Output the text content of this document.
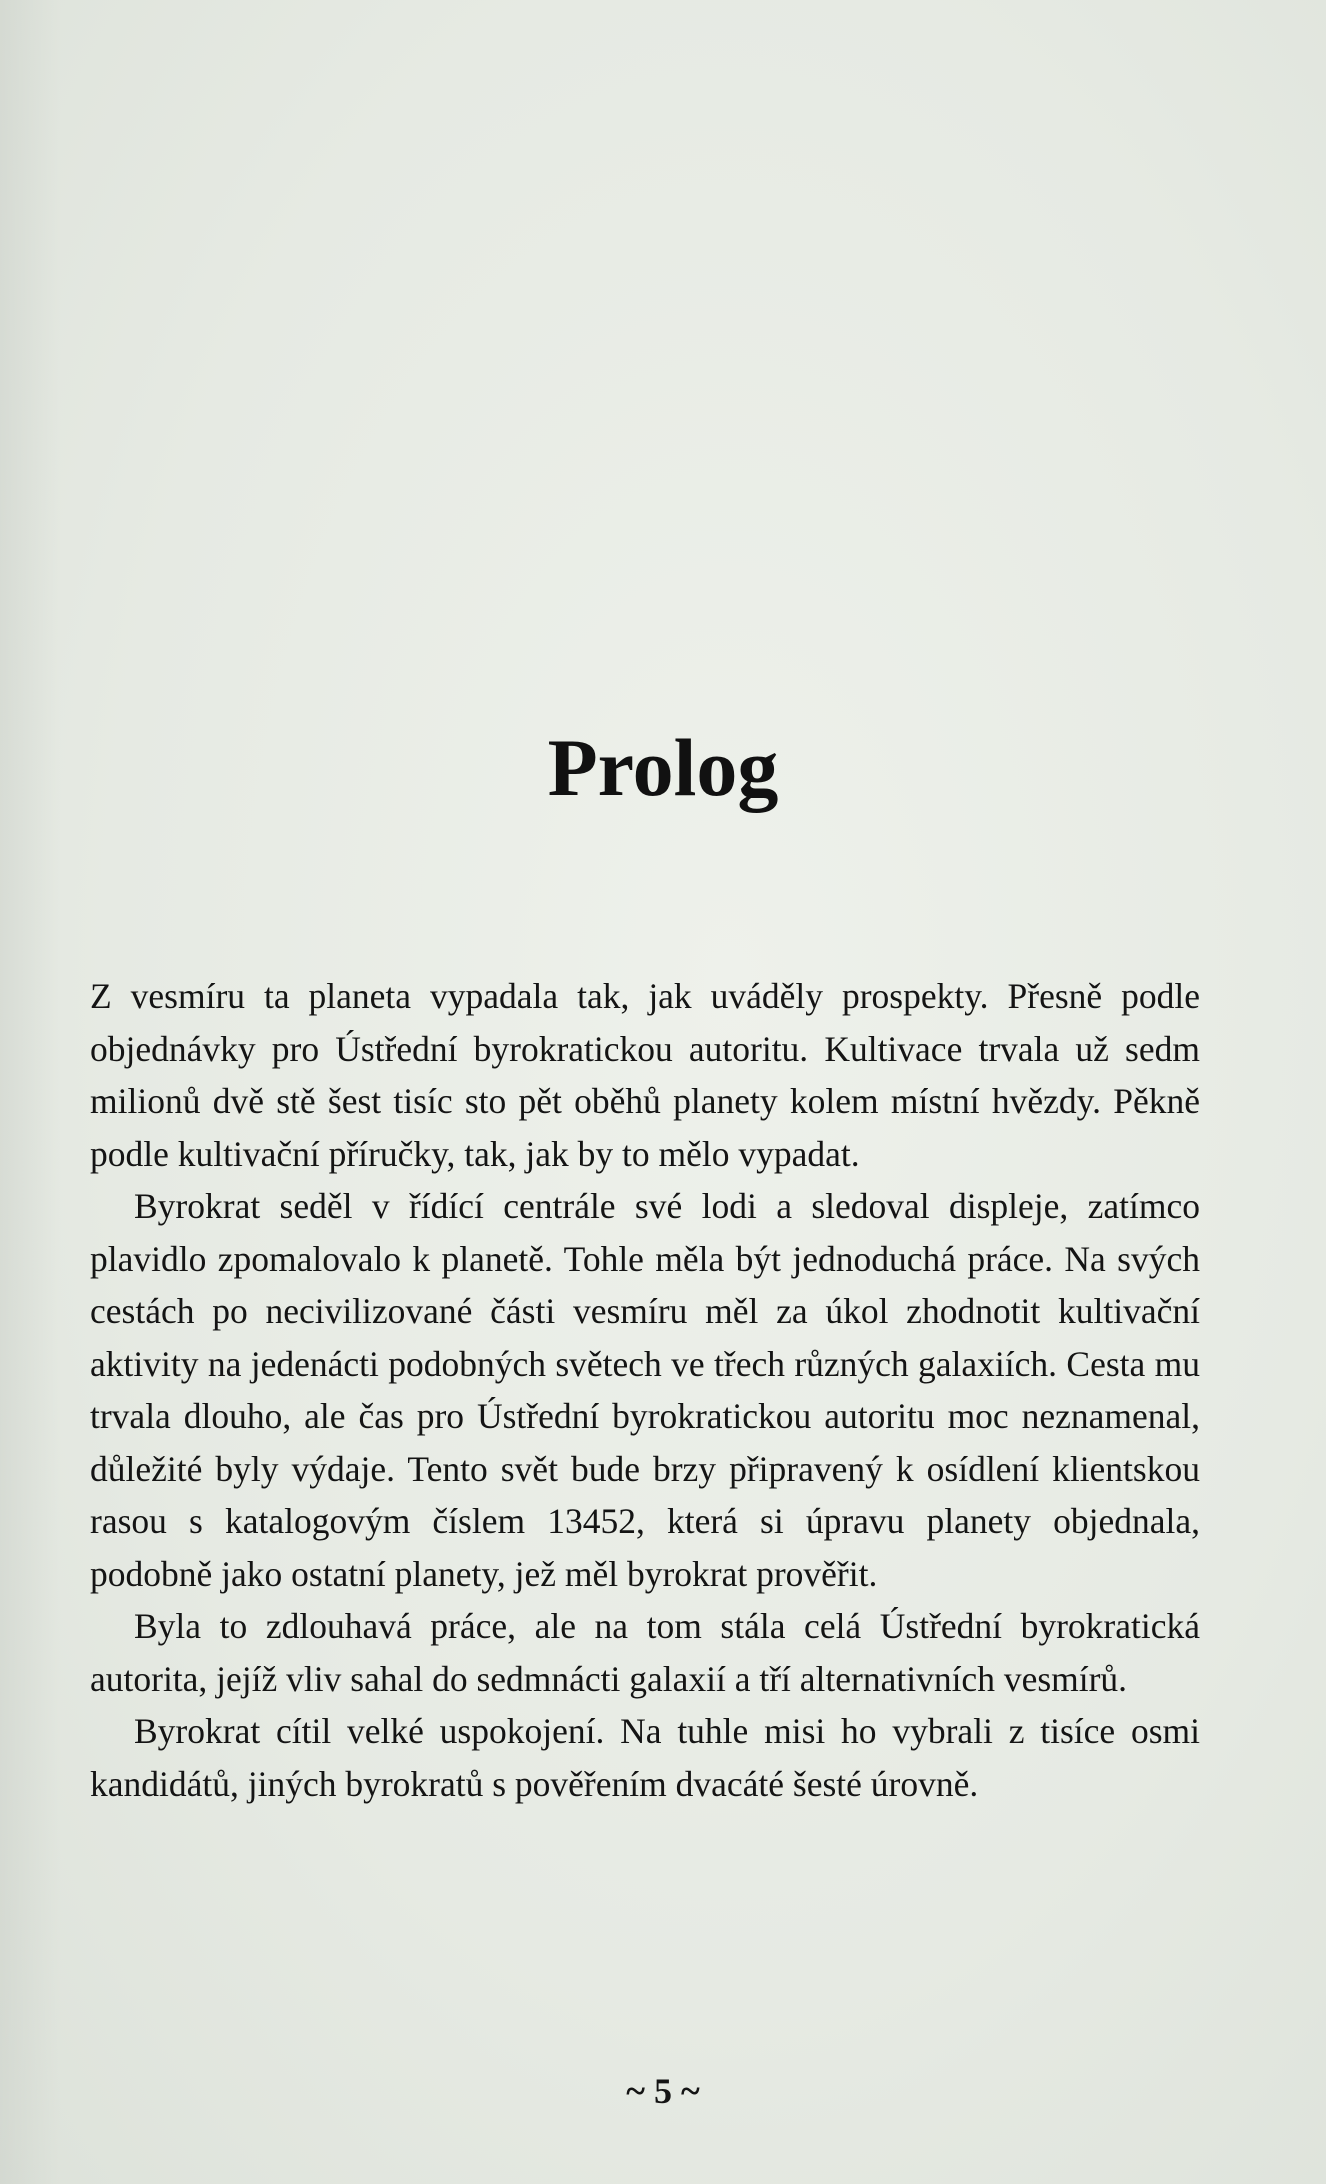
Prolog

Z vesmíru ta planeta vypadala tak, jak uváděly prospekty. Přesně podle objednávky pro Ústřední byrokratickou autoritu. Kultivace trvala už sedm milionů dvě stě šest tisíc sto pět oběhů planety kolem místní hvězdy. Pěkně podle kultivační příručky, tak, jak by to mělo vypadat.

Byrokrat seděl v řídící centrále své lodi a sledoval displeje, zatímco plavidlo zpomalovalo k planetě. Tohle měla být jednoduchá práce. Na svých cestách po necivilizované části vesmíru měl za úkol zhodnotit kultivační aktivity na jedenácti podobných světech ve třech různých galaxiích. Cesta mu trvala dlouho, ale čas pro Ústřední byrokratickou autoritu moc neznamenal, důležité byly výdaje. Tento svět bude brzy připravený k osídlení klientskou rasou s katalogovým číslem 13452, která si úpravu planety objednala, podobně jako ostatní planety, jež měl byrokrat prověřit.

Byla to zdlouhavá práce, ale na tom stála celá Ústřední byrokratická autorita, jejíž vliv sahal do sedmnácti galaxií a tří alternativních vesmírů.

Byrokrat cítil velké uspokojení. Na tuhle misi ho vybrali z tisíce osmi kandidátů, jiných byrokratů s pověřením dvacáté šesté úrovně.

~ 5 ~
